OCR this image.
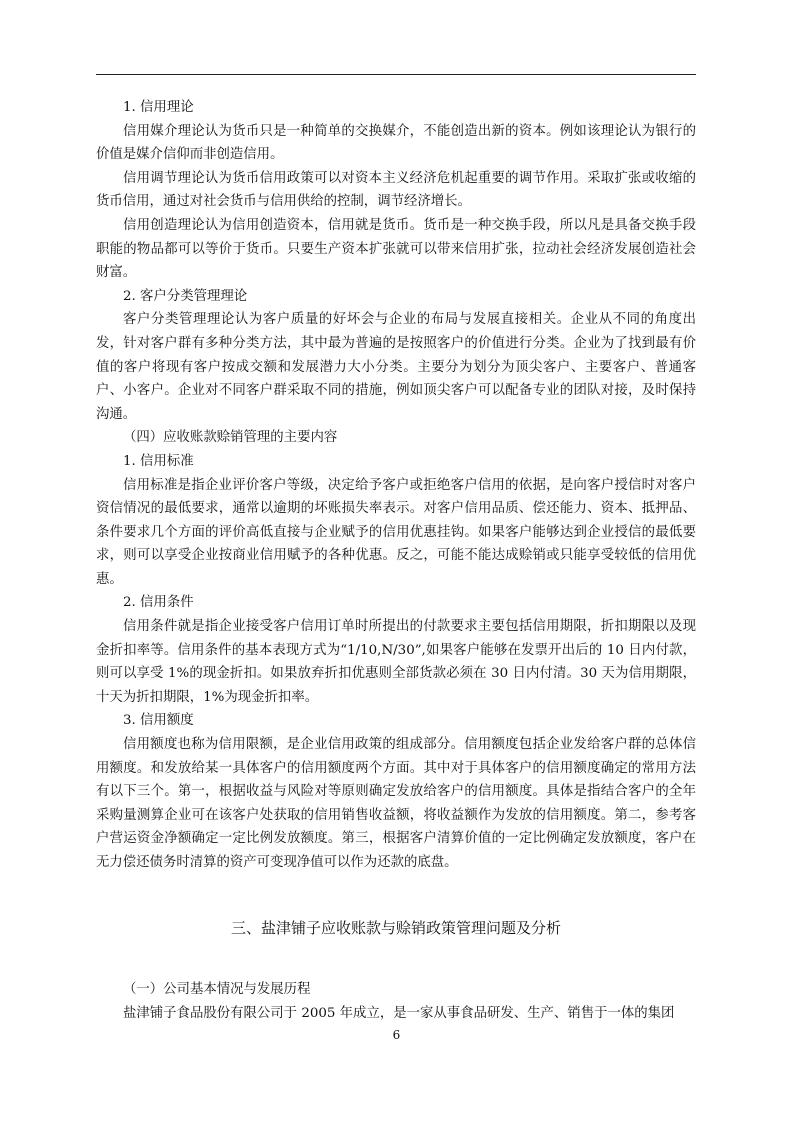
1. 信用理论

信用媒介理论认为货币只是一种简单的交换媒介，不能创造出新的资本。例如该理论认为银行的价值是媒介信仰而非创造信用。

信用调节理论认为货币信用政策可以对资本主义经济危机起重要的调节作用。采取扩张或收缩的货币信用，通过对社会货币与信用供给的控制，调节经济增长。

信用创造理论认为信用创造资本，信用就是货币。货币是一种交换手段，所以凡是具备交换手段职能的物品都可以等价于货币。只要生产资本扩张就可以带来信用扩张，拉动社会经济发展创造社会财富。

2. 客户分类管理理论

客户分类管理理论认为客户质量的好坏会与企业的布局与发展直接相关。企业从不同的角度出发，针对客户群有多种分类方法，其中最为普遍的是按照客户的价值进行分类。企业为了找到最有价值的客户将现有客户按成交额和发展潜力大小分类。主要分为划分为顶尖客户、主要客户、普通客户、小客户。企业对不同客户群采取不同的措施，例如顶尖客户可以配备专业的团队对接，及时保持沟通。

（四）应收账款赊销管理的主要内容

1. 信用标准

信用标准是指企业评价客户等级，决定给予客户或拒绝客户信用的依据，是向客户授信时对客户资信情况的最低要求，通常以逾期的坏账损失率表示。对客户信用品质、偿还能力、资本、抵押品、条件要求几个方面的评价高低直接与企业赋予的信用优惠挂钩。如果客户能够达到企业授信的最低要求，则可以享受企业按商业信用赋予的各种优惠。反之，可能不能达成赊销或只能享受较低的信用优惠。

2. 信用条件

信用条件就是指企业接受客户信用订单时所提出的付款要求主要包括信用期限，折扣期限以及现金折扣率等。信用条件的基本表现方式为“1/10,N/30”,如果客户能够在发票开出后的 10 日内付款，则可以享受 1%的现金折扣。如果放弃折扣优惠则全部货款必须在 30 日内付清。30 天为信用期限，十天为折扣期限，1%为现金折扣率。

3. 信用额度

信用额度也称为信用限额，是企业信用政策的组成部分。信用额度包括企业发给客户群的总体信用额度。和发放给某一具体客户的信用额度两个方面。其中对于具体客户的信用额度确定的常用方法有以下三个。第一，根据收益与风险对等原则确定发放给客户的信用额度。具体是指结合客户的全年采购量测算企业可在该客户处获取的信用销售收益额，将收益额作为发放的信用额度。第二，参考客户营运资金净额确定一定比例发放额度。第三，根据客户清算价值的一定比例确定发放额度，客户在无力偿还债务时清算的资产可变现净值可以作为还款的底盘。

三、盐津铺子应收账款与赊销政策管理问题及分析

（一）公司基本情况与发展历程

盐津铺子食品股份有限公司于 2005 年成立，是一家从事食品研发、生产、销售于一体的集团

6
